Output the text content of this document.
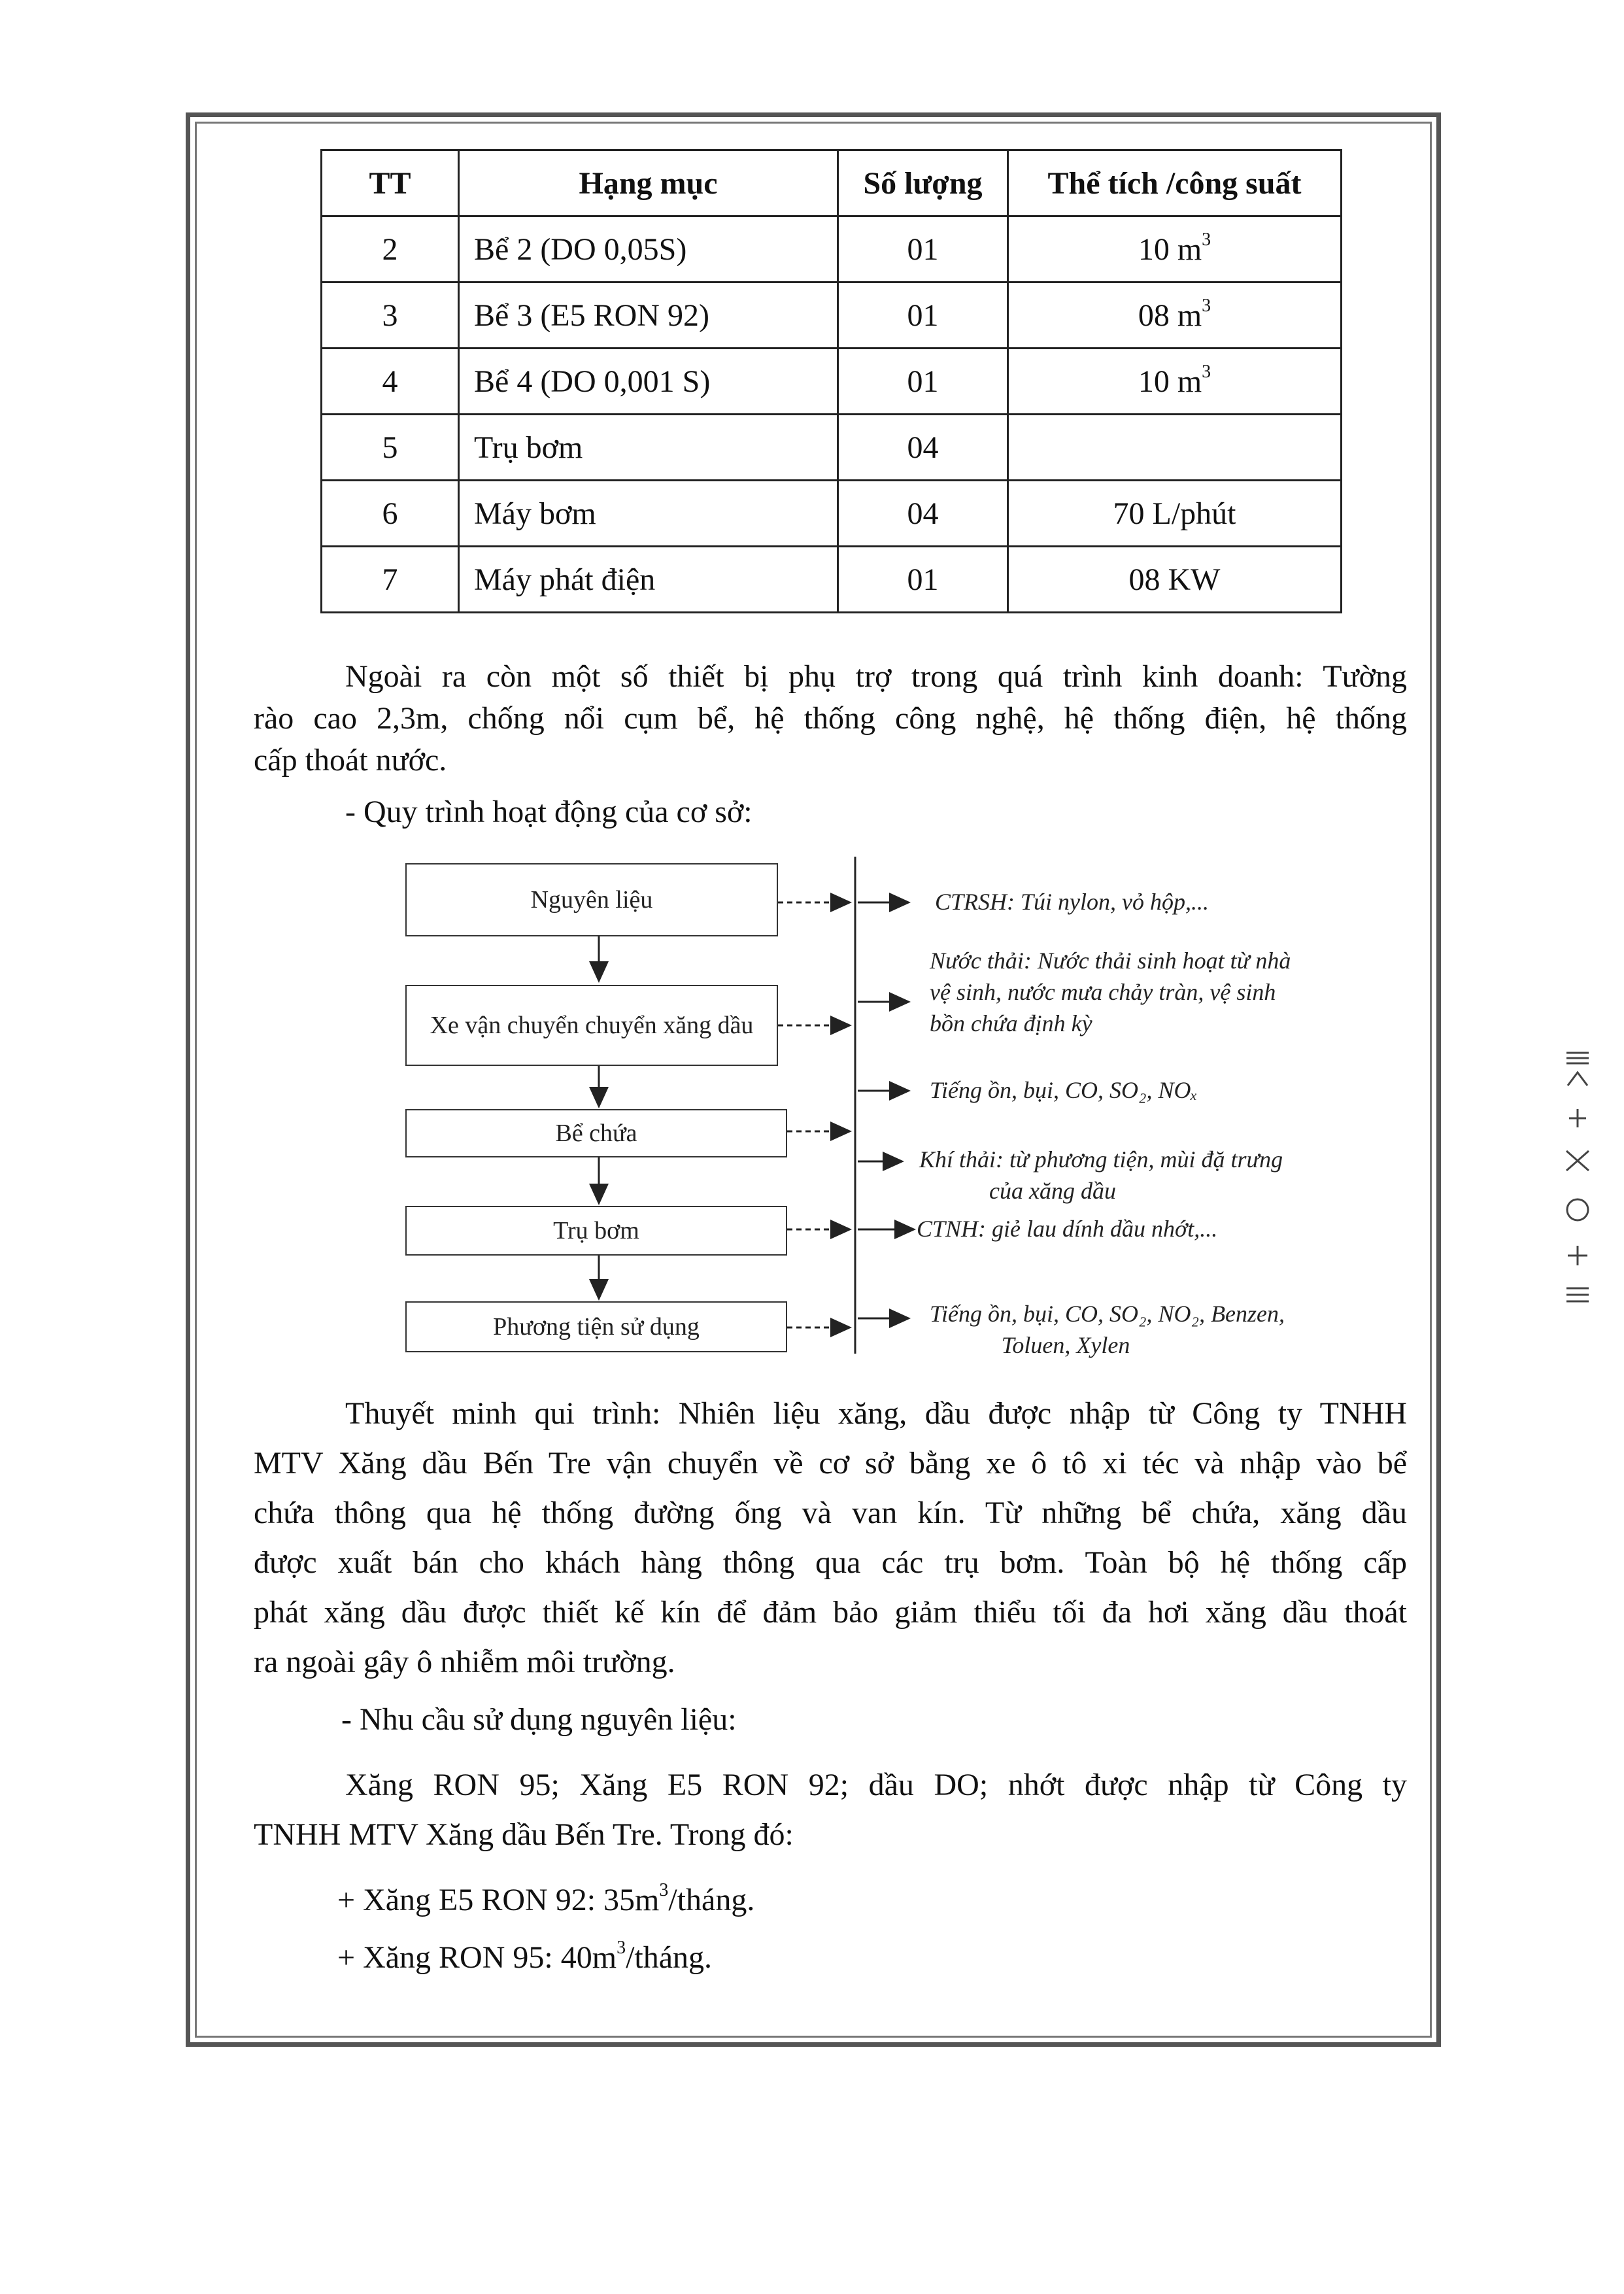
TT	Hạng mục	Số lượng	Thể tích /công suất
2	Bể 2 (DO 0,05S)	01	10 $m^3$
3	Bể 3 (E5 RON 92)	01	08 $m^3$
4	Bể 4 (DO 0,001 S)	01	10 $m^3$
5	Trụ bơm	04	
6	Máy bơm	04	70 L/phút
7	Máy phát điện	01	08 KW
Ngoài ra còn một số thiết bị phụ trợ trong quá trình kinh doanh: Tường
rào cao 2,3m, chống nổi cụm bể, hệ thống công nghệ, hệ thống điện, hệ thống
cấp thoát nước.
- Quy trình hoạt động của cơ sở:
Nguyên liệu
Xe vận chuyển chuyển xăng dầu
Bể chứa
Trụ bơm
Phương tiện sử dụng
CTRSH: Túi nylon, vỏ hộp,...
Nước thải: Nước thải sinh hoạt từ nhà
vệ sinh, nước mưa chảy tràn, vệ sinh
bồn chứa định kỳ
Tiếng ồn, bụi, CO, SO₂, NOₓ
Khí thải: từ phương tiện, mùi đặ trưng
của xăng dầu
CTNH: giẻ lau dính dầu nhớt,...
Tiếng ồn, bụi, CO, SO₂, NO₂, Benzen,
Toluen, Xylen
Thuyết minh qui trình: Nhiên liệu xăng, dầu được nhập từ Công ty TNHH
MTV Xăng dầu Bến Tre vận chuyển về cơ sở bằng xe ô tô xi téc và nhập vào bể
chứa thông qua hệ thống đường ống và van kín. Từ những bể chứa, xăng dầu
được xuất bán cho khách hàng thông qua các trụ bơm. Toàn bộ hệ thống cấp
phát xăng dầu được thiết kế kín để đảm bảo giảm thiểu tối đa hơi xăng dầu thoát
ra ngoài gây ô nhiễm môi trường.
- Nhu cầu sử dụng nguyên liệu:
Xăng RON 95; Xăng E5 RON 92; dầu DO; nhớt được nhập từ Công ty
TNHH MTV Xăng dầu Bến Tre. Trong đó:
+ Xăng E5 RON 92: $35m^3$/tháng.
+ Xăng RON 95: $40m^3$/tháng.
